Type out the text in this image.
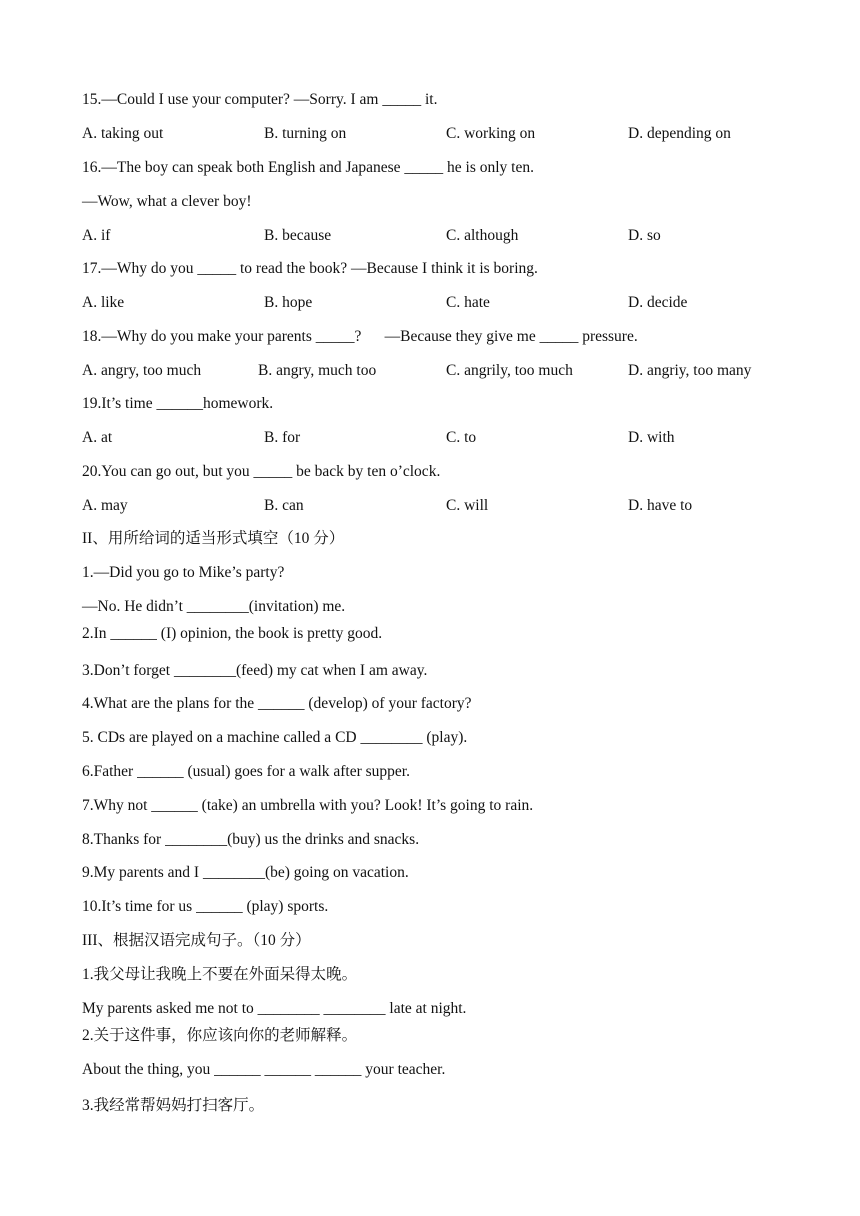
15.—Could I use your computer? —Sorry. I am _____ it.
A. taking out	B. turning on	C. working on	D. depending on
16.—The boy can speak both English and Japanese _____ he is only ten.
—Wow, what a clever boy!
A. if	B. because	C. although	D. so
17.—Why do you _____ to read the book? —Because I think it is boring.
A. like	B. hope	C. hate	D. decide
18.—Why do you make your parents _____?      —Because they give me _____ pressure.
A. angry, too much	B. angry, much too	C. angrily, too much	D. angriy, too many
19.It’s time ______homework.
A. at	B. for	C. to	D. with
20.You can go out, but you _____ be back by ten o’clock.
A. may	B. can	C. will	D. have to
II、用所给词的适当形式填空（10 分）
1.—Did you go to Mike’s party?
—No. He didn’t ________(invitation) me.
2.In ______ (I) opinion, the book is pretty good.
3.Don’t forget ________(feed) my cat when I am away.
4.What are the plans for the ______ (develop) of your factory?
5. CDs are played on a machine called a CD ________ (play).
6.Father ______ (usual) goes for a walk after supper.
7.Why not ______ (take) an umbrella with you? Look! It’s going to rain.
8.Thanks for ________(buy) us the drinks and snacks.
9.My parents and I ________(be) going on vacation.
10.It’s time for us ______ (play) sports.
III、根据汉语完成句子。（10 分）
1.我父母让我晚上不要在外面呆得太晚。
My parents asked me not to ________ ________ late at night.
2.关于这件事，你应该向你的老师解释。
About the thing, you ______ ______ ______ your teacher.
3.我经常帮妈妈打扫客厅。
